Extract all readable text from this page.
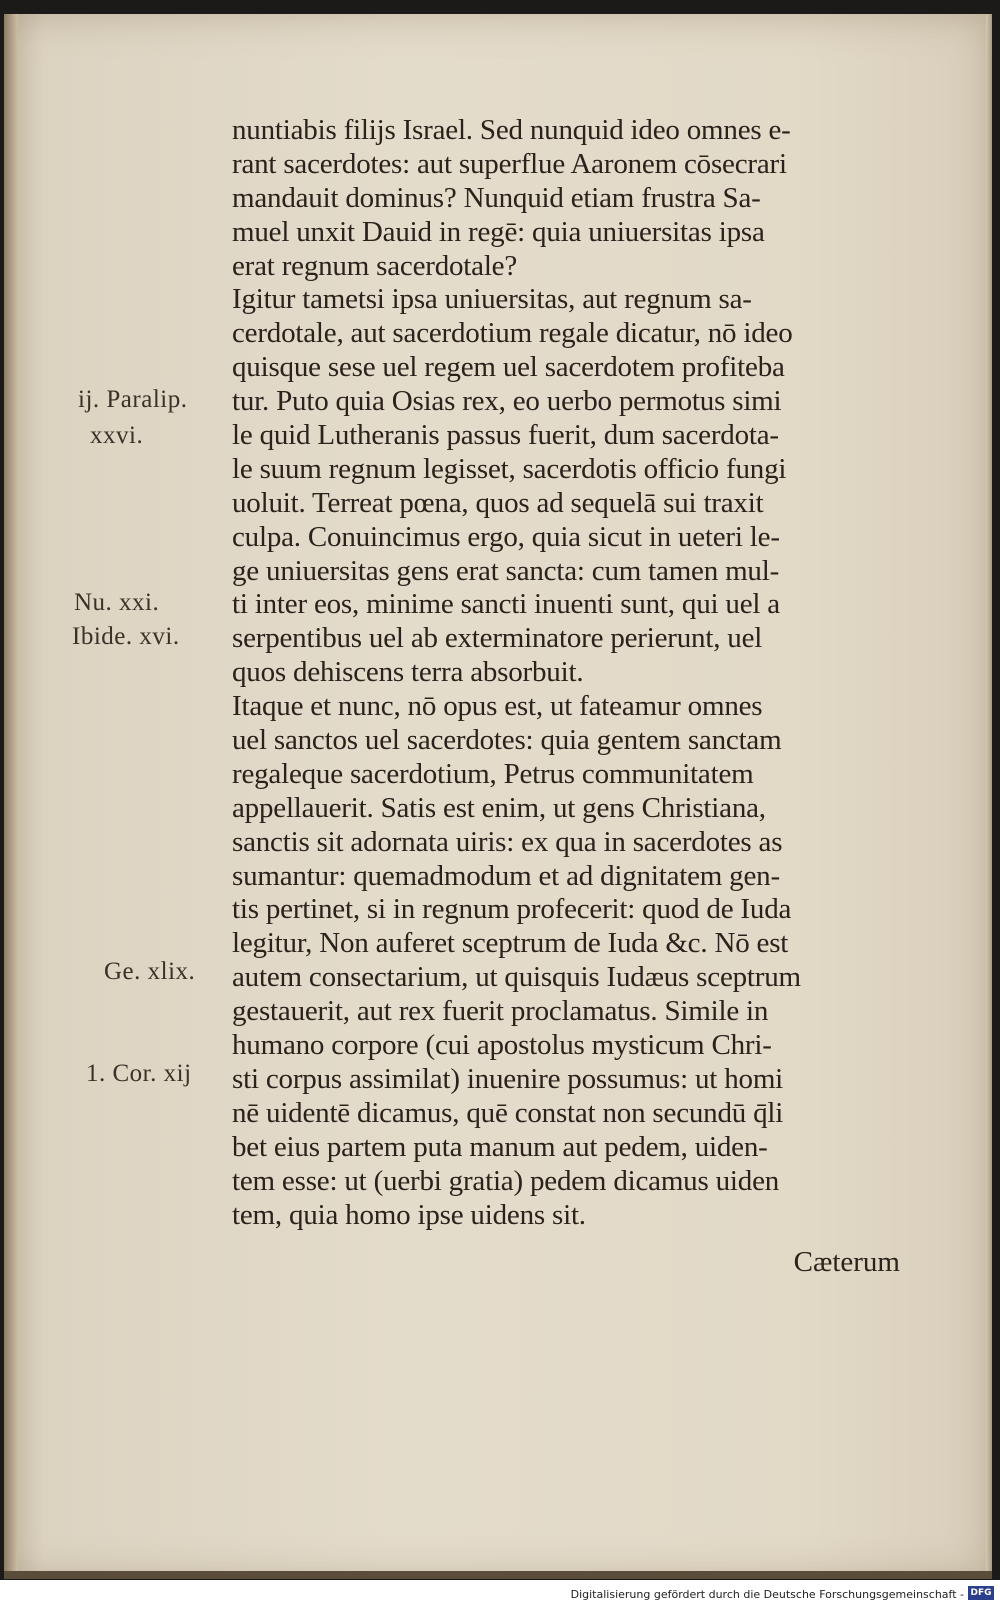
nuntiabis filijs Israel. Sed nunquid ideo omnes e-
rant sacerdotes: aut superflue Aaronem cōsecrari
mandauit dominus? Nunquid etiam frustra Sa-
muel unxit Dauid in regē: quia uniuersitas ipsa
erat regnum sacerdotale?
Igitur tametsi ipsa uniuersitas, aut regnum sa-
cerdotale, aut sacerdotium regale dicatur, nō ideo
quisque sese uel regem uel sacerdotem profiteba
tur. Puto quia Osias rex, eo uerbo permotus simi
le quid Lutheranis passus fuerit, dum sacerdota-
le suum regnum legisset, sacerdotis officio fungi
uoluit. Terreat pœna, quos ad sequelā sui traxit
culpa. Conuincimus ergo, quia sicut in ueteri le-
ge uniuersitas gens erat sancta: cum tamen mul-
ti inter eos, minime sancti inuenti sunt, qui uel a
serpentibus uel ab exterminatore perierunt, uel
quos dehiscens terra absorbuit.
Itaque et nunc, nō opus est, ut fateamur omnes
uel sanctos uel sacerdotes: quia gentem sanctam
regaleque sacerdotium, Petrus communitatem
appellauerit. Satis est enim, ut gens Christiana,
sanctis sit adornata uiris: ex qua in sacerdotes as
sumantur: quemadmodum et ad dignitatem gen-
tis pertinet, si in regnum profecerit: quod de Iuda
legitur, Non auferet sceptrum de Iuda &c. Nō est
autem consectarium, ut quisquis Iudæus sceptrum
gestauerit, aut rex fuerit proclamatus. Simile in
humano corpore (cui apostolus mysticum Chri-
sti corpus assimilat) inuenire possumus: ut homi
nē uidentē dicamus, quē constat non secundū q̄li
bet eius partem puta manum aut pedem, uiden-
tem esse: ut (uerbi gratia) pedem dicamus uiden
tem, quia homo ipse uidens sit.
Cæterum
ij. Paralip.
xxvi.
Nu. xxi.
Ibide. xvi.
Ge. xlix.
1. Cor. xij
Digitalisierung gefördert durch die Deutsche Forschungsgemeinschaft - DFG
